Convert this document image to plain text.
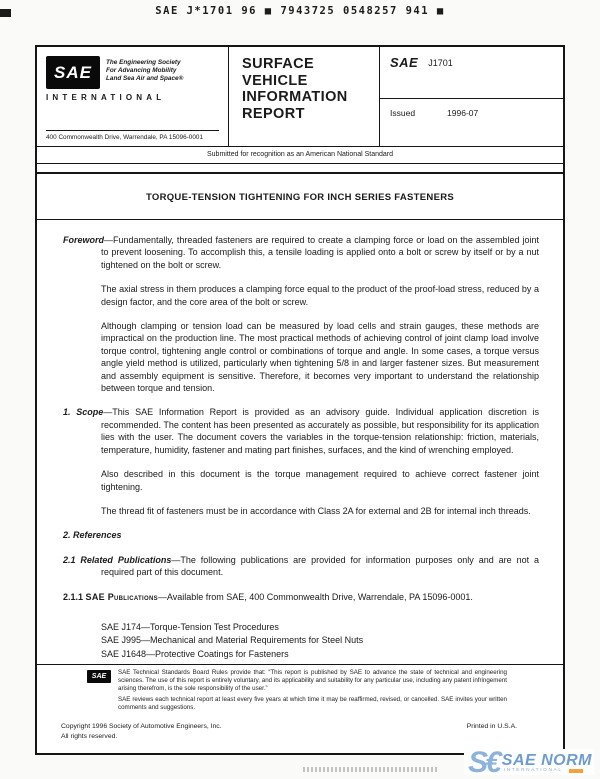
SAE J*1701 96 ■ 7943725 0548257 941 ■
SAE	The Engineering Society
For Advancing Mobility
Land Sea Air and Space®
INTERNATIONAL
400 Commonwealth Drive, Warrendale, PA 15096-0001
SURFACE
VEHICLE
INFORMATION
REPORT
SAE J1701
Issued	1996-07
Submitted for recognition as an American National Standard
TORQUE-TENSION TIGHTENING FOR INCH SERIES FASTENERS

Foreword—Fundamentally, threaded fasteners are required to create a clamping force or load on the assembled joint to prevent loosening. To accomplish this, a tensile loading is applied onto a bolt or screw by itself or by a nut tightened on the bolt or screw.

The axial stress in them produces a clamping force equal to the product of the proof-load stress, reduced by a design factor, and the core area of the bolt or screw.

Although clamping or tension load can be measured by load cells and strain gauges, these methods are impractical on the production line. The most practical methods of achieving control of joint clamp load involve torque control, tightening angle control or combinations of torque and angle. In some cases, a torque versus angle yield method is utilized, particularly when tightening 5/8 in and larger fastener sizes. But measurement and assembly equipment is sensitive. Therefore, it becomes very important to understand the relationship between torque and tension.

1. Scope—This SAE Information Report is provided as an advisory guide. Individual application discretion is recommended. The content has been presented as accurately as possible, but responsibility for its application lies with the user. The document covers the variables in the torque-tension relationship: friction, materials, temperature, humidity, fastener and mating part finishes, surfaces, and the kind of wrenching employed.

Also described in this document is the torque management required to achieve correct fastener joint tightening.

The thread fit of fasteners must be in accordance with Class 2A for external and 2B for internal inch threads.

2. References

2.1 Related Publications—The following publications are provided for information purposes only and are not a required part of this document.

2.1.1 SAE Publications—Available from SAE, 400 Commonwealth Drive, Warrendale, PA 15096-0001.

SAE J174—Torque-Tension Test Procedures

SAE J995—Mechanical and Material Requirements for Steel Nuts

SAE J1648—Protective Coatings for Fasteners

SAE

SAE Technical Standards Board Rules provide that: “This report is published by SAE to advance the state of technical and engineering sciences. The use of this report is entirely voluntary, and its applicability and suitability for any particular use, including any patent infringement arising therefrom, is the sole responsibility of the user.”

SAE reviews each technical report at least every five years at which time it may be reaffirmed, revised, or cancelled. SAE invites your written comments and suggestions.

Copyright 1996 Society of Automotive Engineers, Inc.
All rights reserved.
Printed in U.S.A.
S€ SAE NORM
INTERNATIONAL
